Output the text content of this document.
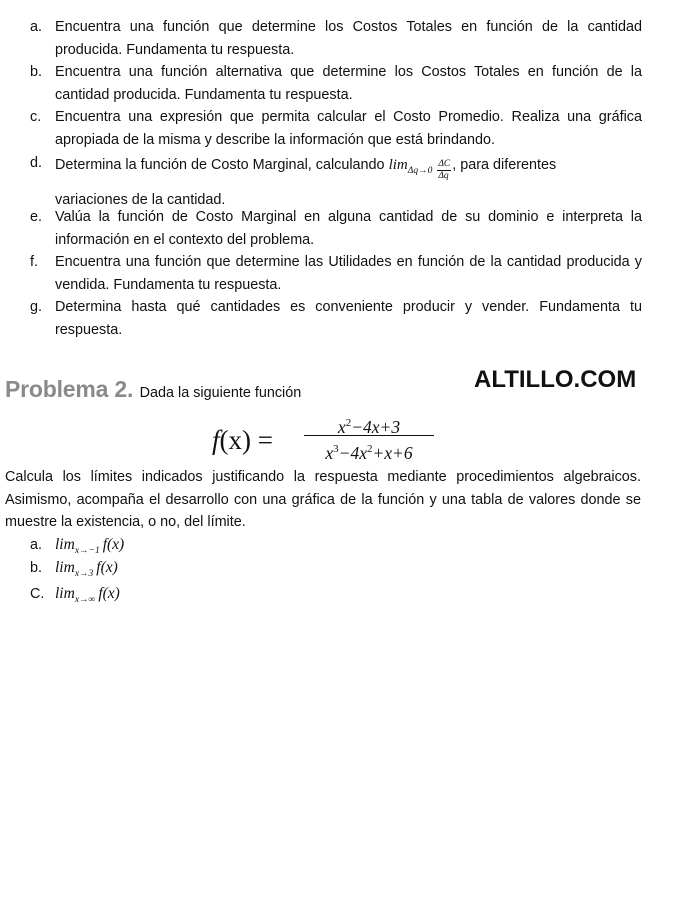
a. Encuentra una función que determine los Costos Totales en función de la cantidad producida. Fundamenta tu respuesta.
b. Encuentra una función alternativa que determine los Costos Totales en función de la cantidad producida. Fundamenta tu respuesta.
c. Encuentra una expresión que permita calcular el Costo Promedio. Realiza una gráfica apropiada de la misma y describe la información que está brindando.
d. Determina la función de Costo Marginal, calculando $\lim_{\Delta q\to 0} \frac{\Delta C}{\Delta q}$ , para diferentes
variaciones de la cantidad.
e. Valúa la función de Costo Marginal en alguna cantidad de su dominio e interpreta la información en el contexto del problema.
f.	Encuentra una función que determine las Utilidades en función de la cantidad producida y vendida. Fundamenta tu respuesta.
g. Determina hasta qué cantidades es conveniente producir y vender. Fundamenta tu respuesta.
Problema 2. Dada la siguiente función	ALTILLO.COM
$f(x) = \frac{x^2-4x+3}{x^3-4x^2+x+6}$
Calcula los límites indicados justificando la respuesta mediante procedimientos algebraicos. Asimismo, acompaña el desarrollo con una gráfica de la función y una tabla de valores donde se muestre la existencia, o no, del límite.
a. $\lim_{x\to-1} f(x)$
b. $\lim_{x\to 3} f(x)$
C. $\lim_{x\to\infty} f(x)$
